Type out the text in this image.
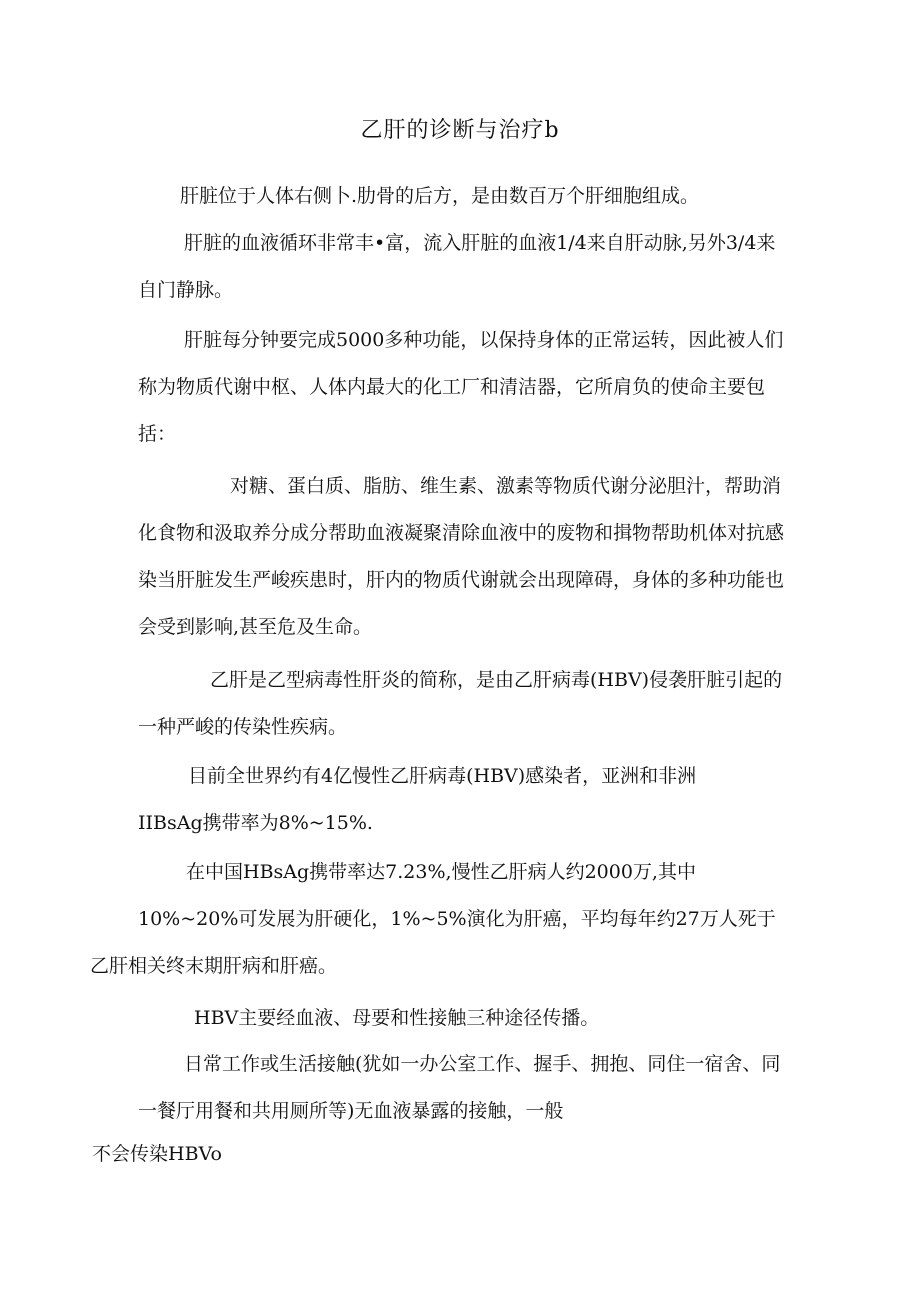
乙肝的诊断与治疗b
肝脏位于人体右侧卜.肋骨的后方，是由数百万个肝细胞组成。
肝脏的血液循环非常丰•富，流入肝脏的血液1/4来自肝动脉,另外3/4来自门静脉。
肝脏每分钟要完成5000多种功能，以保持身体的正常运转，因此被人们称为物质代谢中枢、人体内最大的化工厂和清洁器，它所肩负的使命主要包括：
对糖、蛋白质、脂肪、维生素、激素等物质代谢分泌胆汁，帮助消化食物和汲取养分成分帮助血液凝聚清除血液中的废物和揖物帮助机体对抗感染当肝脏发生严峻疾患时，肝内的物质代谢就会出现障碍，身体的多种功能也会受到影响,甚至危及生命。
乙肝是乙型病毒性肝炎的简称，是由乙肝病毒(HBV)侵袭肝脏引起的一种严峻的传染性疾病。
目前全世界约有4亿慢性乙肝病毒(HBV)感染者，亚洲和非洲
IIBsAg携带率为8%~15%.
在中国HBsAg携带率达7.23%,慢性乙肝病人约2000万,其中
10%~20%可发展为肝硬化，1%~5%演化为肝癌，平均每年约27万人死于乙肝相关终末期肝病和肝癌。
HBV主要经血液、母要和性接触三种途径传播。
日常工作或生活接触(犹如一办公室工作、握手、拥抱、同住一宿舍、同一餐厅用餐和共用厕所等)无血液暴露的接触，一般
不会传染HBVo
